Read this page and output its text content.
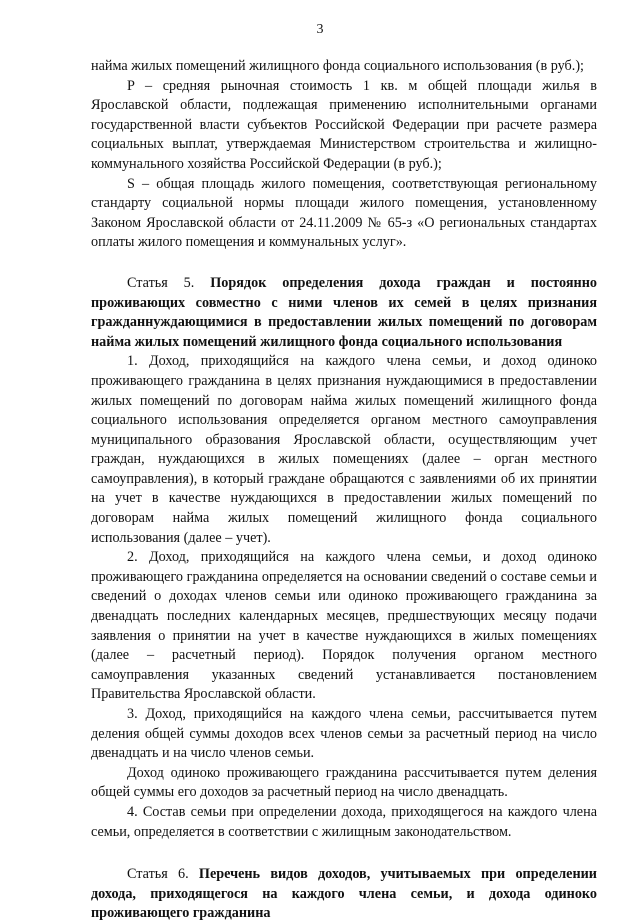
3

найма жилых помещений жилищного фонда социального использования (в руб.);

P – средняя рыночная стоимость 1 кв. м общей площади жилья в Ярославской области, подлежащая применению исполнительными органами государственной власти субъектов Российской Федерации при расчете размера социальных выплат, утверждаемая Министерством строительства и жилищно-коммунального хозяйства Российской Федерации (в руб.);

S – общая площадь жилого помещения, соответствующая региональному стандарту социальной нормы площади жилого помещения, установленному Законом Ярославской области от 24.11.2009 № 65-з «О региональных стандартах оплаты жилого помещения и коммунальных услуг».

Статья 5. Порядок определения дохода граждан и постоянно проживающих совместно с ними членов их семей в целях признания гражданнуждающимися в предоставлении жилых помещений по договорам найма жилых помещений жилищного фонда социального использования

1. Доход, приходящийся на каждого члена семьи, и доход одиноко проживающего гражданина в целях признания нуждающимися в предоставлении жилых помещений по договорам найма жилых помещений жилищного фонда социального использования определяется органом местного самоуправления муниципального образования Ярославской области, осуществляющим учет граждан, нуждающихся в жилых помещениях (далее – орган местного самоуправления), в который граждане обращаются с заявлениями об их принятии на учет в качестве нуждающихся в предоставлении жилых помещений по договорам найма жилых помещений жилищного фонда социального использования (далее – учет).

2. Доход, приходящийся на каждого члена семьи, и доход одиноко проживающего гражданина определяется на основании сведений о составе семьи и сведений о доходах членов семьи или одиноко проживающего гражданина за двенадцать последних календарных месяцев, предшествующих месяцу подачи заявления о принятии на учет в качестве нуждающихся в жилых помещениях (далее – расчетный период). Порядок получения органом местного самоуправления указанных сведений устанавливается постановлением Правительства Ярославской области.

3. Доход, приходящийся на каждого члена семьи, рассчитывается путем деления общей суммы доходов всех членов семьи за расчетный период на число двенадцать и на число членов семьи.

Доход одиноко проживающего гражданина рассчитывается путем деления общей суммы его доходов за расчетный период на число двенадцать.

4. Состав семьи при определении дохода, приходящегося на каждого члена семьи, определяется в соответствии с жилищным законодательством.

Статья 6. Перечень видов доходов, учитываемых при определении дохода, приходящегося на каждого члена семьи, и дохода одиноко проживающего гражданина
